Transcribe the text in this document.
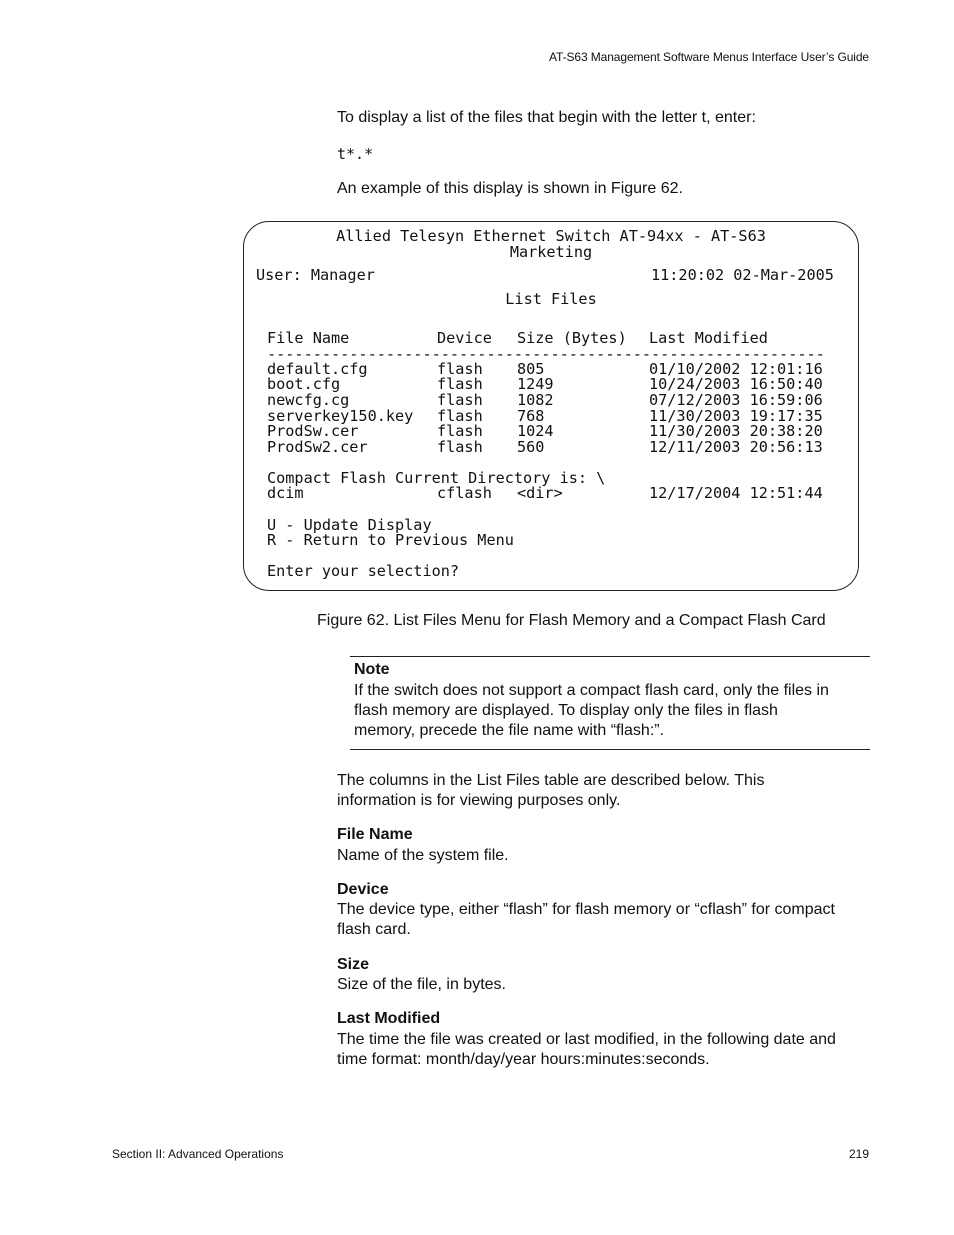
AT-S63 Management Software Menus Interface User’s Guide
To display a list of the files that begin with the letter t, enter:
t*.*
An example of this display is shown in Figure 62.
Allied Telesyn Ethernet Switch AT-94xx - AT-S63
Marketing
User: Manager	11:20:02 02-Mar-2005
List Files
File Name	Device Size (Bytes) Last Modified
-------------------------------------------------------------
default.cfg	flash 805	01/10/2002 12:01:16
boot.cfg	flash 1249	10/24/2003 16:50:40
newcfg.cg	flash 1082	07/12/2003 16:59:06
serverkey150.key flash 768	11/30/2003 19:17:35
ProdSw.cer	flash 1024	11/30/2003 20:38:20
ProdSw2.cer	flash 560	12/11/2003 20:56:13
Compact Flash Current Directory is: \
dcim	cflash <dir>	12/17/2004 12:51:44
U - Update Display
R - Return to Previous Menu
Enter your selection?
Figure 62. List Files Menu for Flash Memory and a Compact Flash Card
Note
If the switch does not support a compact flash card, only the files in
flash memory are displayed. To display only the files in flash
memory, precede the file name with “flash:”.
The columns in the List Files table are described below. This
information is for viewing purposes only.
File Name
Name of the system file.
Device
The device type, either “flash” for flash memory or “cflash” for compact
flash card.
Size
Size of the file, in bytes.
Last Modified
The time the file was created or last modified, in the following date and
time format: month/day/year hours:minutes:seconds.
Section II: Advanced Operations	219
